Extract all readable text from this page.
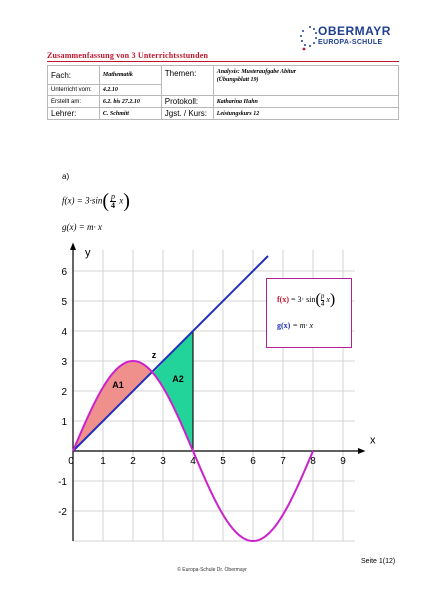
OBERMAYR
EUROPA-SCHULE
Zusammenfassung von 3 Unterrichtsstunden
Fach:	Mathematik	Themen:	Analysis: Musteraufgabe Abitur
(Übungsblatt 19)
Unterricht vom:	4.2.10		
Erstellt am:	6.2. bis 27.2.10	Protokoll:	Katharina Hahn
Lehrer:	C. Schmitt	Jgst. / Kurs:	Leistungskurs 12
a)
$f(x) = 3\cdot\sin( \frac{p}{4} x)$
g(x) = m· x
0	1 2 3 4 5 6 7 8 9
6
5
4
3
2
1
-1
-2
x
y
A1
A2
z
$f(x) = 3\cdot \sin( \frac{p}{4} x)$
g(x) = m· x
Seite 1(12)
© Europa-Schule Dr. Obermayr
